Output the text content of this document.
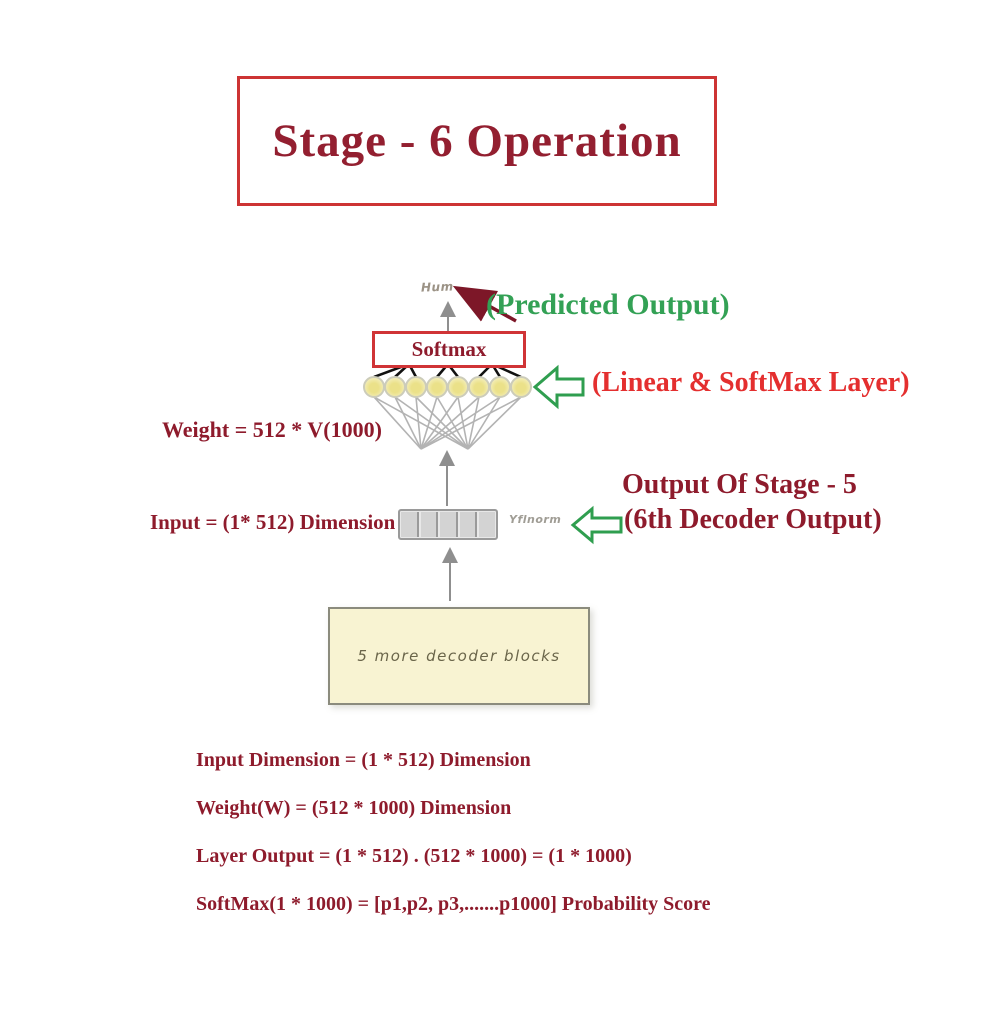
Stage - 6 Operation
Hum
(Predicted Output)
Softmax
(Linear & SoftMax Layer)
Weight = 512 * V(1000)
Yflnorm
Input = (1* 512) Dimension
Output Of Stage - 5
(6th Decoder Output)
5 more decoder blocks
Input Dimension = (1 * 512) Dimension
Weight(W) = (512 * 1000) Dimension
Layer Output = (1 * 512) . (512 * 1000) = (1 * 1000)
SoftMax(1 * 1000) = [p1,p2, p3,.......p1000] Probability Score
